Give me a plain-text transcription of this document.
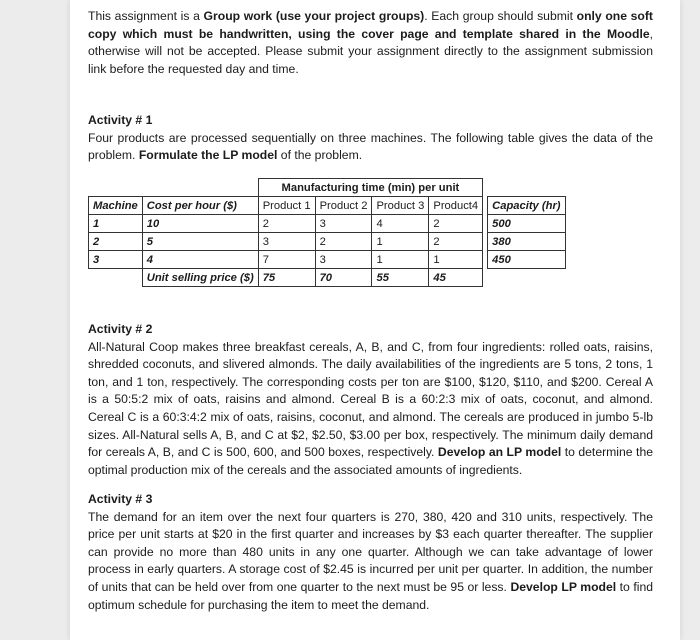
This assignment is a Group work (use your project groups). Each group should submit only one soft copy which must be handwritten, using the cover page and template shared in the Moodle, otherwise will not be accepted. Please submit your assignment directly to the assignment submission link before the requested day and time.
Activity # 1
Four products are processed sequentially on three machines. The following table gives the data of the problem. Formulate the LP model of the problem.
		Manufacturing time (min) per unit					
Machine	Cost per hour ($)	Product 1	Product 2	Product 3	Product4		Capacity (hr)
1	10	2	3	4	2		500
2	5	3	2	1	2		380
3	4	7	3	1	1		450
	Unit selling price ($)	75	70	55	45		
Activity # 2
All-Natural Coop makes three breakfast cereals, A, B, and C, from four ingredients: rolled oats, raisins, shredded coconuts, and slivered almonds. The daily availabilities of the ingredients are 5 tons, 2 tons, 1 ton, and 1 ton, respectively. The corresponding costs per ton are $100, $120, $110, and $200. Cereal A is a 50:5:2 mix of oats, raisins and almond. Cereal B is a 60:2:3 mix of oats, coconut, and almond. Cereal C is a 60:3:4:2 mix of oats, raisins, coconut, and almond. The cereals are produced in jumbo 5-lb sizes. All-Natural sells A, B, and C at $2, $2.50, $3.00 per box, respectively. The minimum daily demand for cereals A, B, and C is 500, 600, and 500 boxes, respectively. Develop an LP model to determine the optimal production mix of the cereals and the associated amounts of ingredients.
Activity # 3
The demand for an item over the next four quarters is 270, 380, 420 and 310 units, respectively. The price per unit starts at $20 in the first quarter and increases by $3 each quarter thereafter. The supplier can provide no more than 480 units in any one quarter. Although we can take advantage of lower process in early quarters. A storage cost of $2.45 is incurred per unit per quarter. In addition, the number of units that can be held over from one quarter to the next must be 95 or less. Develop LP model to find optimum schedule for purchasing the item to meet the demand.
